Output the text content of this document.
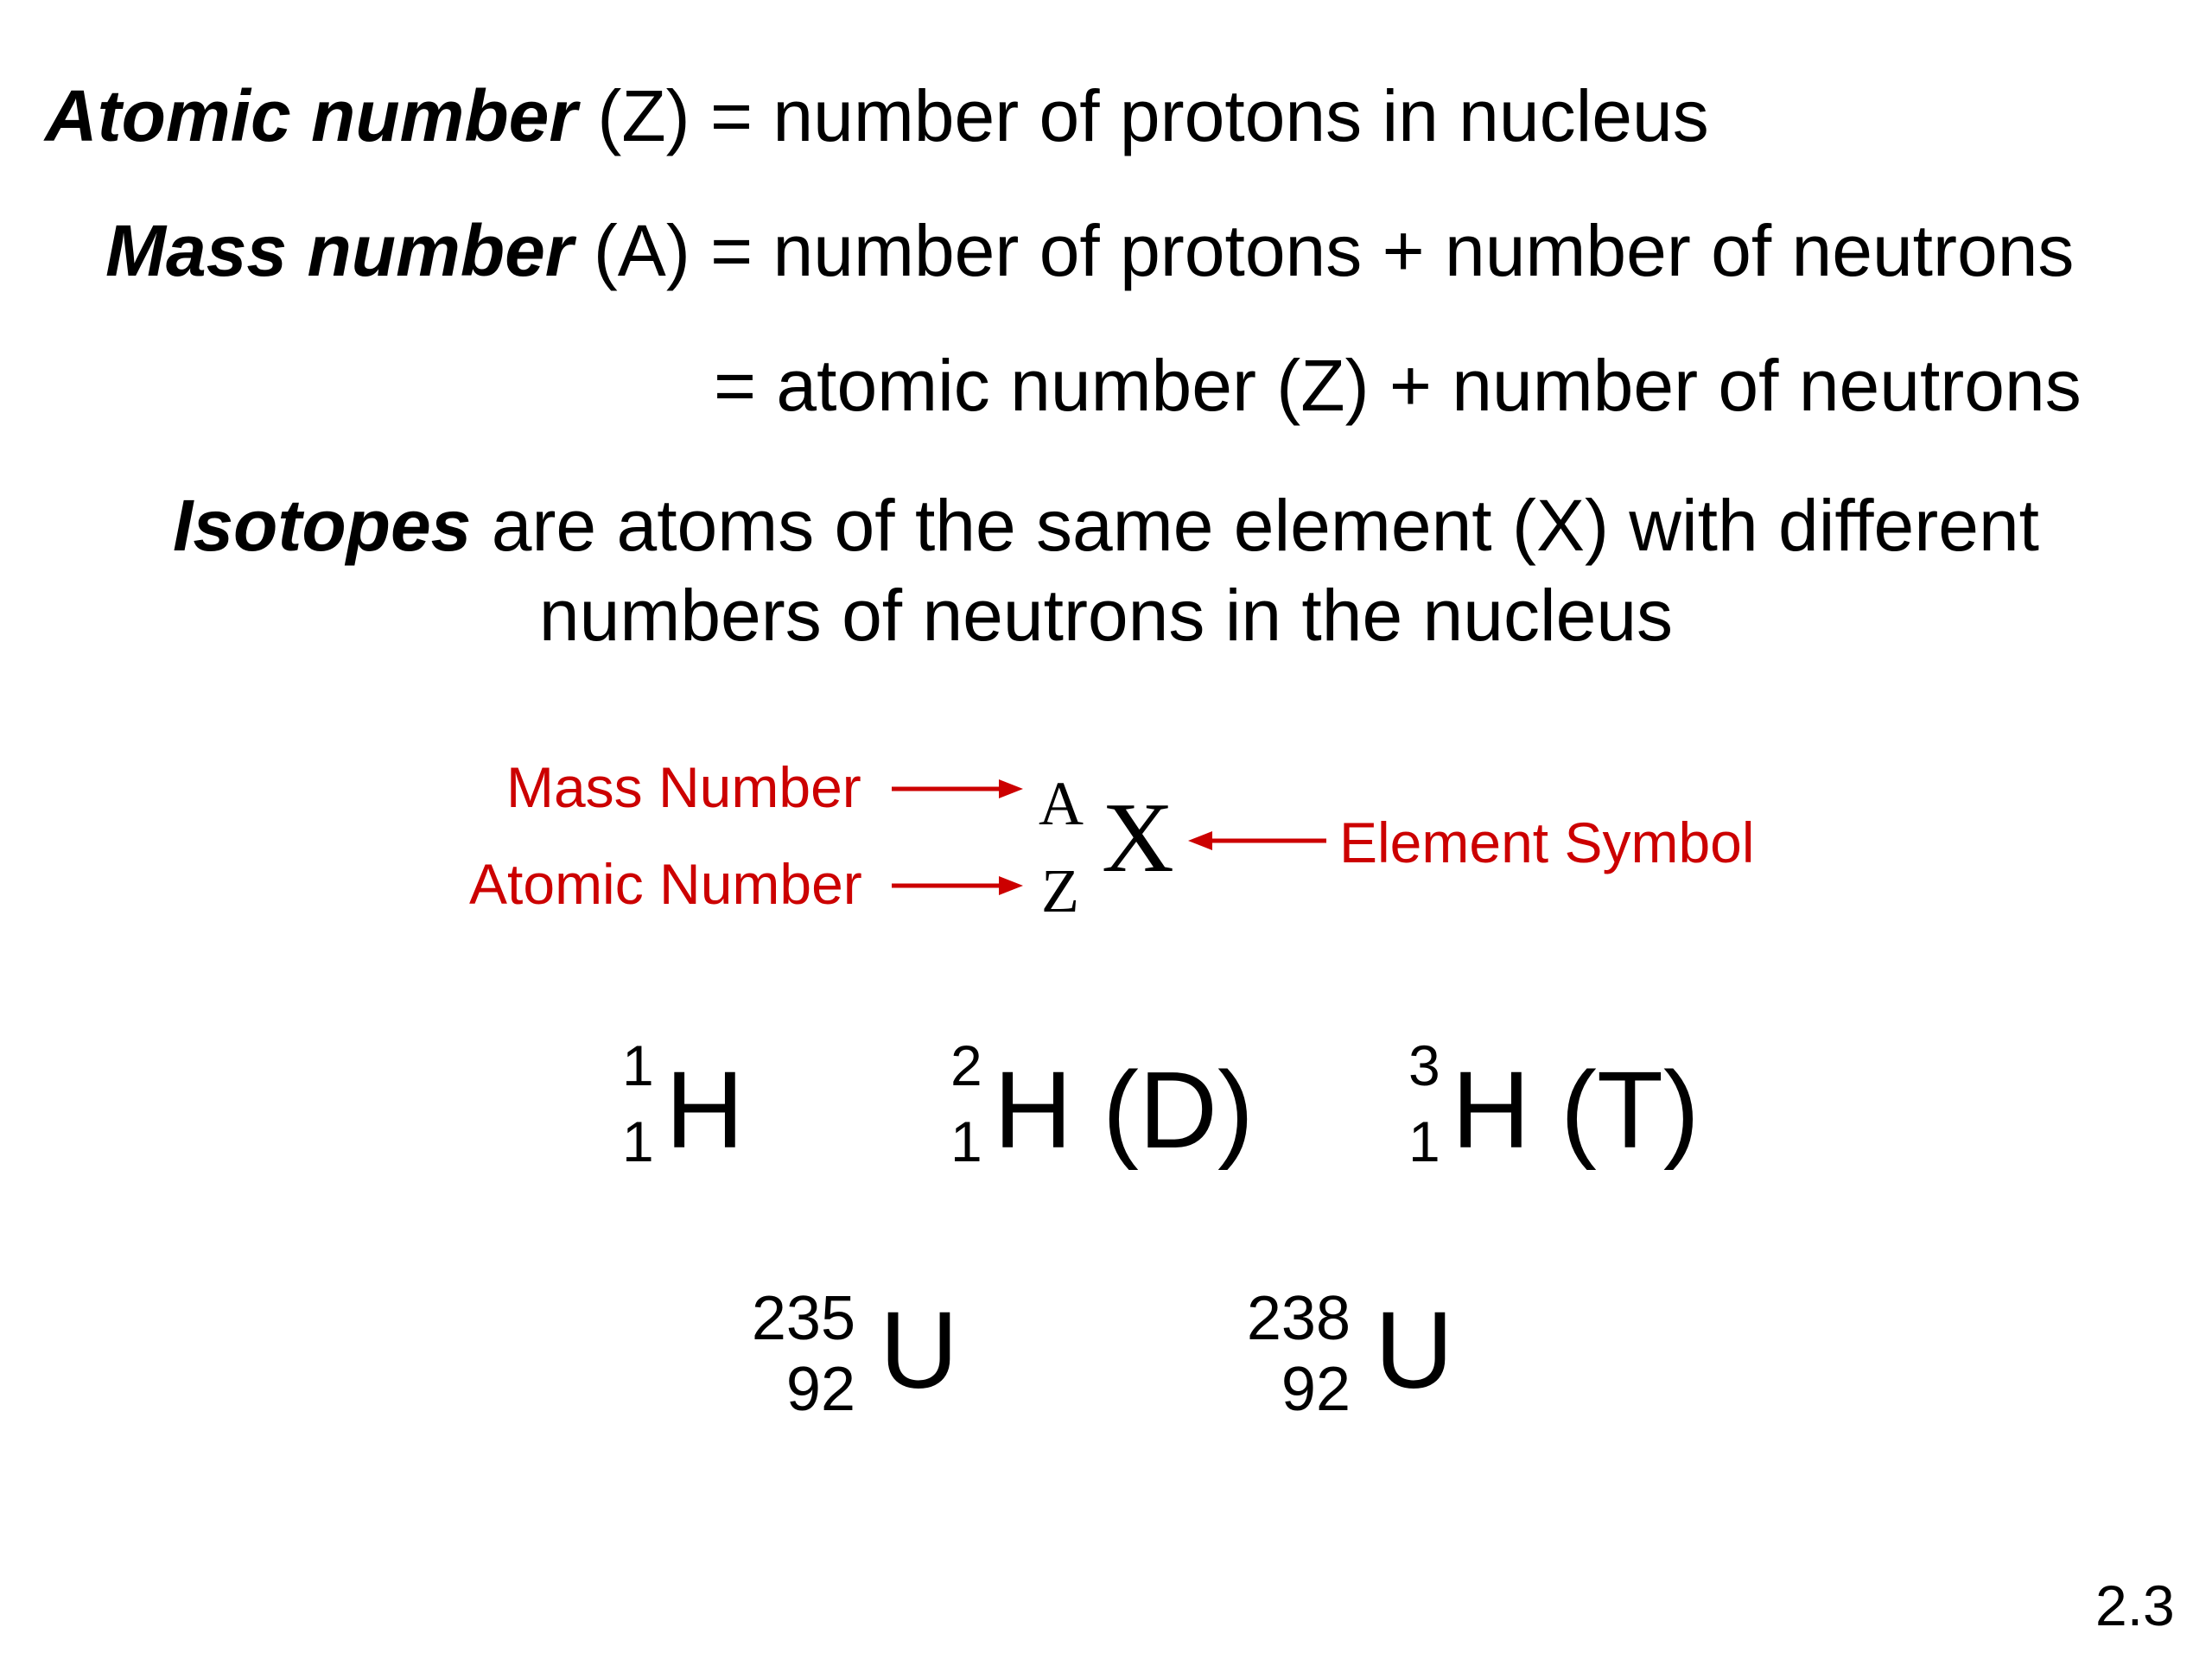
Atomic number (Z) = number of protons in nucleus
Mass number (A) = number of protons + number of neutrons
= atomic number (Z) + number of neutrons
Isotopes are atoms of the same element (X) with different
numbers of neutrons in the nucleus
Mass Number
Atomic Number
Element Symbol
A
Z X
1
1 H	2
1 H (D)	3
1 H (T)
235
92 U	238
92 U
2.3
